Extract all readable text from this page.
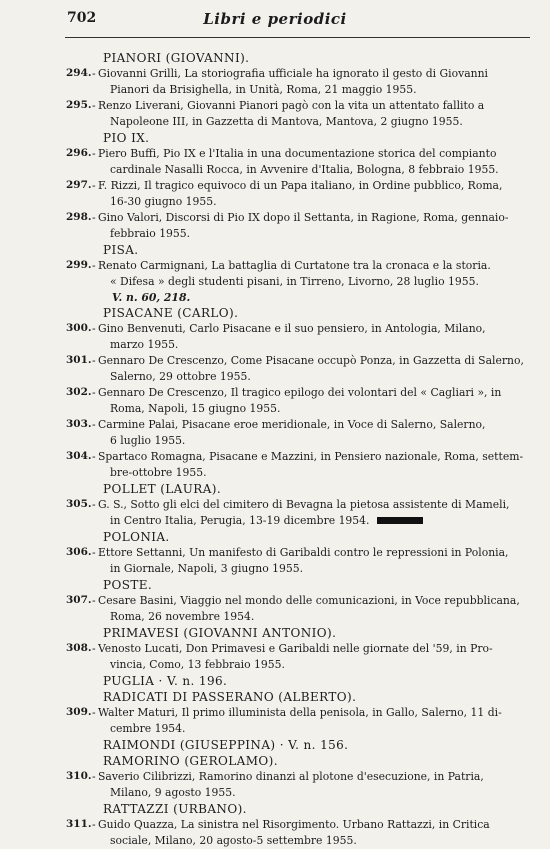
702	Libri e periodici
PIANORI (GIOVANNI).
294. - Giovanni Grilli, La storiografia ufficiale ha ignorato il gesto di Giovanni
Pianori da Brisighella, in Unità, Roma, 21 maggio 1955.
295. - Renzo Liverani, Giovanni Pianori pagò con la vita un attentato fallito a
Napoleone III, in Gazzetta di Mantova, Mantova, 2 giugno 1955.
PIO IX.
296. - Piero Buffi, Pio IX e l'Italia in una documentazione storica del compianto
cardinale Nasalli Rocca, in Avvenire d'Italia, Bologna, 8 febbraio 1955.
297. - F. Rizzi, Il tragico equivoco di un Papa italiano, in Ordine pubblico, Roma,
16-30 giugno 1955.
298. - Gino Valori, Discorsi di Pio IX dopo il Settanta, in Ragione, Roma, gennaio-
febbraio 1955.
PISA.
299. - Renato Carmignani, La battaglia di Curtatone tra la cronaca e la storia.
« Difesa » degli studenti pisani, in Tirreno, Livorno, 28 luglio 1955.
V. n. 60, 218.
PISACANE (CARLO).
300. - Gino Benvenuti, Carlo Pisacane e il suo pensiero, in Antologia, Milano,
marzo 1955.
301. - Gennaro De Crescenzo, Come Pisacane occupò Ponza, in Gazzetta di Salerno,
Salerno, 29 ottobre 1955.
302. - Gennaro De Crescenzo, Il tragico epilogo dei volontari del « Cagliari », in
Roma, Napoli, 15 giugno 1955.
303. - Carmine Palai, Pisacane eroe meridionale, in Voce di Salerno, Salerno,
6 luglio 1955.
304. - Spartaco Romagna, Pisacane e Mazzini, in Pensiero nazionale, Roma, settem-
bre-ottobre 1955.
POLLET (LAURA).
305. - G. S., Sotto gli elci del cimitero di Bevagna la pietosa assistente di Mameli,
in Centro Italia, Perugia, 13-19 dicembre 1954.
POLONIA.
306. - Ettore Settanni, Un manifesto di Garibaldi contro le repressioni in Polonia,
in Giornale, Napoli, 3 giugno 1955.
POSTE.
307. - Cesare Basini, Viaggio nel mondo delle comunicazioni, in Voce repubblicana,
Roma, 26 novembre 1954.
PRIMAVESI (GIOVANNI ANTONIO).
308. - Venosto Lucati, Don Primavesi e Garibaldi nelle giornate del '59, in Pro-
vincia, Como, 13 febbraio 1955.
PUGLIA · V. n. 196.
RADICATI DI PASSERANO (ALBERTO).
309. - Walter Maturi, Il primo illuminista della penisola, in Gallo, Salerno, 11 di-
cembre 1954.
RAIMONDI (GIUSEPPINA) · V. n. 156.
RAMORINO (GEROLAMO).
310. - Saverio Cilibrizzi, Ramorino dinanzi al plotone d'esecuzione, in Patria,
Milano, 9 agosto 1955.
RATTAZZI (URBANO).
311. - Guido Quazza, La sinistra nel Risorgimento. Urbano Rattazzi, in Critica
sociale, Milano, 20 agosto-5 settembre 1955.
